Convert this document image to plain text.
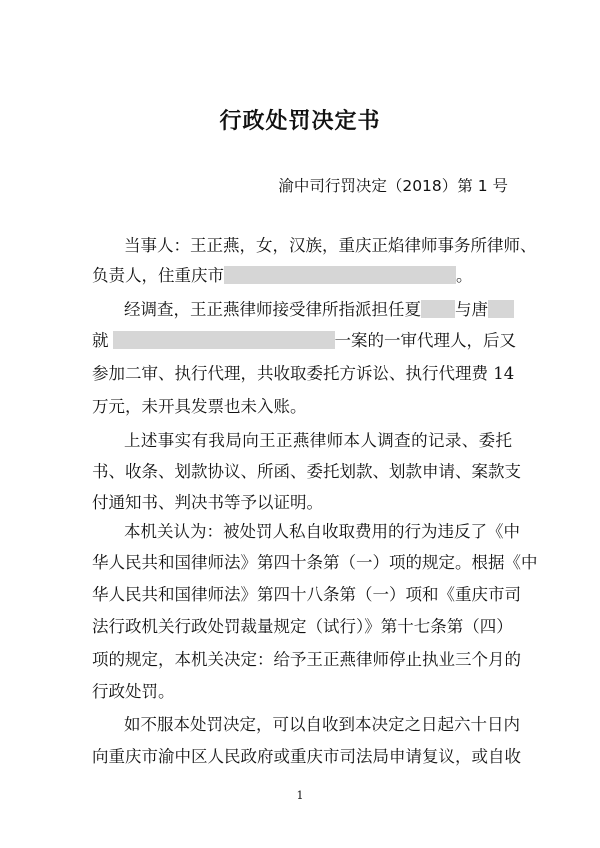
行政处罚决定书
渝中司行罚决定（2018）第 1 号
当事人：王正燕，女，汉族，重庆正焰律师事务所律师、
负责人，住重庆市	。
经调查，王正燕律师接受律所指派担任夏 与唐
就	一案的一审代理人，后又
参加二审、执行代理，共收取委托方诉讼、执行代理费 14
万元，未开具发票也未入账。
上述事实有我局向王正燕律师本人调查的记录、委托
书、收条、划款协议、所函、委托划款、划款申请、案款支
付通知书、判决书等予以证明。
本机关认为：被处罚人私自收取费用的行为违反了《中
华人民共和国律师法》第四十条第（一）项的规定。根据《中
华人民共和国律师法》第四十八条第（一）项和《重庆市司
法行政机关行政处罚裁量规定（试行）》第十七条第（四）
项的规定，本机关决定：给予王正燕律师停止执业三个月的
行政处罚。
如不服本处罚决定，可以自收到本决定之日起六十日内
向重庆市渝中区人民政府或重庆市司法局申请复议，或自收
1
